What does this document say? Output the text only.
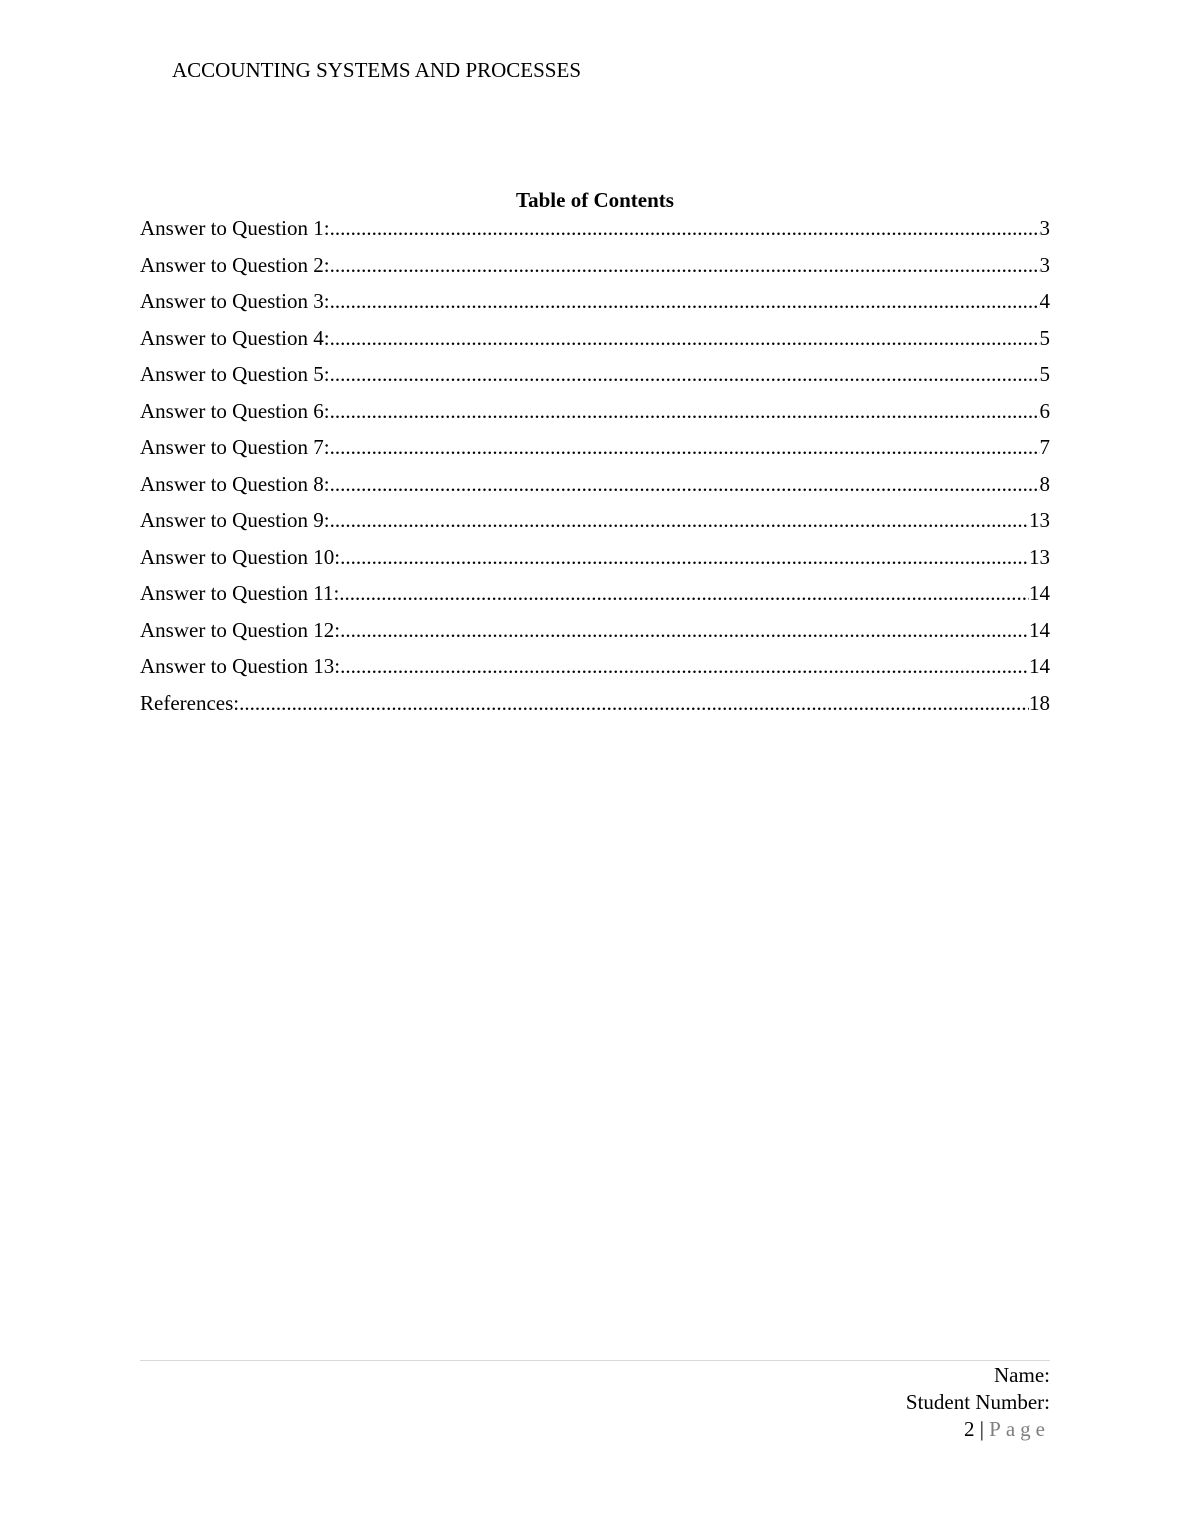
ACCOUNTING SYSTEMS AND PROCESSES
Table of Contents
Answer to Question 1: .....	3
Answer to Question 2: .....	3
Answer to Question 3: .....	4
Answer to Question 4: .....	5
Answer to Question 5: .....	5
Answer to Question 6: .....	6
Answer to Question 7: .....	7
Answer to Question 8: .....	8
Answer to Question 9: .....	13
Answer to Question 10: .....	13
Answer to Question 11: .....	14
Answer to Question 12: .....	14
Answer to Question 13: .....	14
References: .....	18
Name:
Student Number:
2 | Page
